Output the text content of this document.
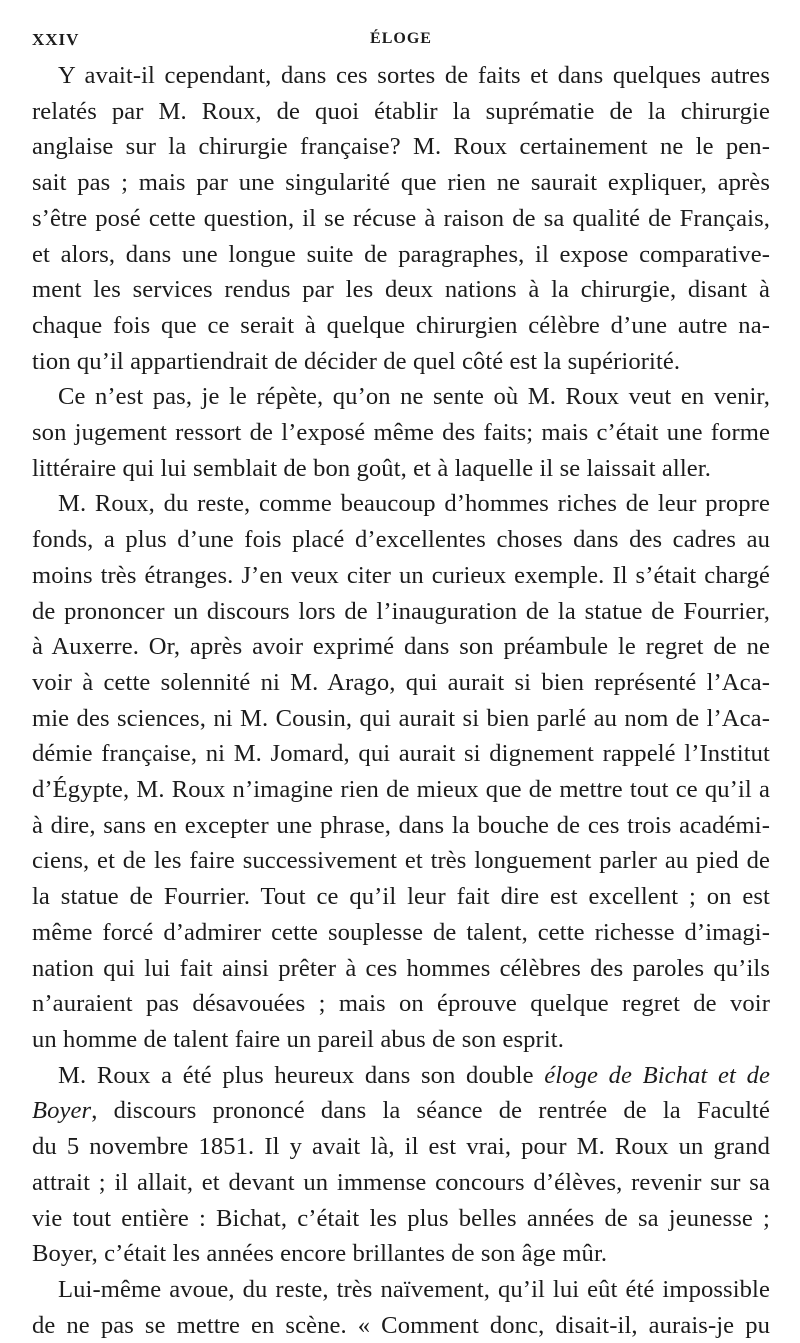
XXIV	ÉLOGE
Y avait-il cependant, dans ces sortes de faits et dans quelques autres
relatés par M. Roux, de quoi établir la suprématie de la chirurgie
anglaise sur la chirurgie française? M. Roux certainement ne le pen-
sait pas ; mais par une singularité que rien ne saurait expliquer, après
s’être posé cette question, il se récuse à raison de sa qualité de Français,
et alors, dans une longue suite de paragraphes, il expose comparative-
ment les services rendus par les deux nations à la chirurgie, disant à
chaque fois que ce serait à quelque chirurgien célèbre d’une autre na-
tion qu’il appartiendrait de décider de quel côté est la supériorité.
Ce n’est pas, je le répète, qu’on ne sente où M. Roux veut en venir,
son jugement ressort de l’exposé même des faits; mais c’était une forme
littéraire qui lui semblait de bon goût, et à laquelle il se laissait aller.
M. Roux, du reste, comme beaucoup d’hommes riches de leur propre
fonds, a plus d’une fois placé d’excellentes choses dans des cadres au
moins très étranges. J’en veux citer un curieux exemple. Il s’était chargé
de prononcer un discours lors de l’inauguration de la statue de Fourrier,
à Auxerre. Or, après avoir exprimé dans son préambule le regret de ne
voir à cette solennité ni M. Arago, qui aurait si bien représenté l’Aca-
mie des sciences, ni M. Cousin, qui aurait si bien parlé au nom de l’Aca-
démie française, ni M. Jomard, qui aurait si dignement rappelé l’Institut
d’Égypte, M. Roux n’imagine rien de mieux que de mettre tout ce qu’il a
à dire, sans en excepter une phrase, dans la bouche de ces trois académi-
ciens, et de les faire successivement et très longuement parler au pied de
la statue de Fourrier. Tout ce qu’il leur fait dire est excellent ; on est
même forcé d’admirer cette souplesse de talent, cette richesse d’imagi-
nation qui lui fait ainsi prêter à ces hommes célèbres des paroles qu’ils
n’auraient pas désavouées ; mais on éprouve quelque regret de voir
un homme de talent faire un pareil abus de son esprit.
M. Roux a été plus heureux dans son double éloge de Bichat et de
Boyer, discours prononcé dans la séance de rentrée de la Faculté
du 5 novembre 1851. Il y avait là, il est vrai, pour M. Roux un grand
attrait ; il allait, et devant un immense concours d’élèves, revenir sur sa
vie tout entière : Bichat, c’était les plus belles années de sa jeunesse ;
Boyer, c’était les années encore brillantes de son âge mûr.
Lui-même avoue, du reste, très naïvement, qu’il lui eût été impossible
de ne pas se mettre en scène. « Comment donc, disait-il, aurais-je pu
